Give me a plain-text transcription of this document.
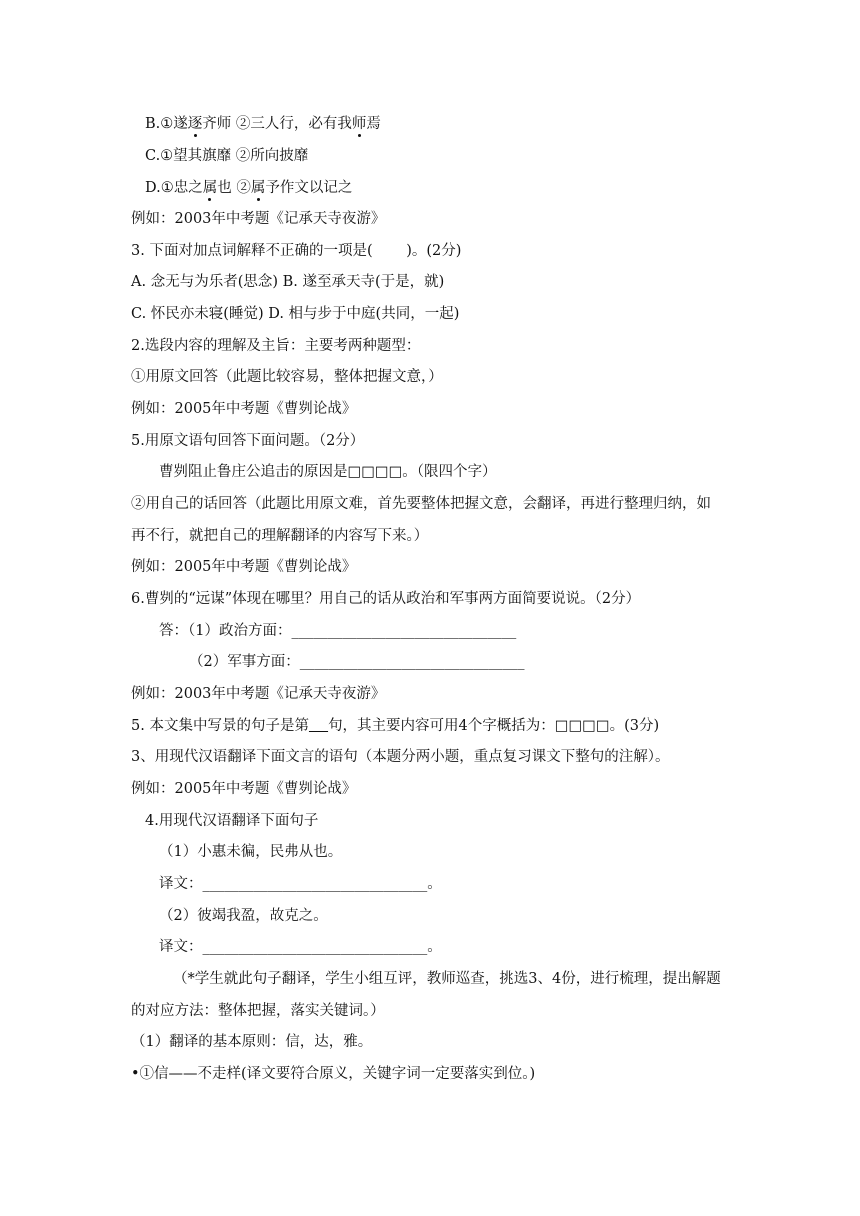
B.①遂逐齐师 ②三人行，必有我师焉
C.①望其旗靡 ②所向披靡
D.①忠之属也 ②属予作文以记之
例如：2003年中考题《记承天寺夜游》
3. 下面对加点词解释不正确的一项是(　　 )。(2分)
A. 念无与为乐者(思念) B. 遂至承天寺(于是，就)
C. 怀民亦未寝(睡觉) D. 相与步于中庭(共同，一起)
2.选段内容的理解及主旨：主要考两种题型：
①用原文回答（此题比较容易，整体把握文意，）
例如：2005年中考题《曹刿论战》
5.用原文语句回答下面问题。（2分）
曹刿阻止鲁庄公追击的原因是□□□□。（限四个字）
②用自己的话回答（此题比用原文难，首先要整体把握文意，会翻译，再进行整理归纳，如
再不行，就把自己的理解翻译的内容写下来。）
例如：2005年中考题《曹刿论战》
6.曹刿的“远谋”体现在哪里？用自己的话从政治和军事两方面简要说说。（2分）
答：（1）政治方面：_______________________________
（2）军事方面：_______________________________
例如：2003年中考题《记承天寺夜游》
5. 本文集中写景的句子是第　 句，其主要内容可用4个字概括为：□□□□。(3分)
3、用现代汉语翻译下面文言的语句（本题分两小题，重点复习课文下整句的注解）。
例如：2005年中考题《曹刿论战》
4.用现代汉语翻译下面句子
（1）小惠未徧，民弗从也。
译文：_______________________________。
（2）彼竭我盈，故克之。
译文：_______________________________。
（*学生就此句子翻译，学生小组互评，教师巡查，挑选3、4份，进行梳理，提出解题
的对应方法：整体把握，落实关键词。）
（1）翻译的基本原则：信，达，雅。
•①信——不走样(译文要符合原义，关键字词一定要落实到位。)
